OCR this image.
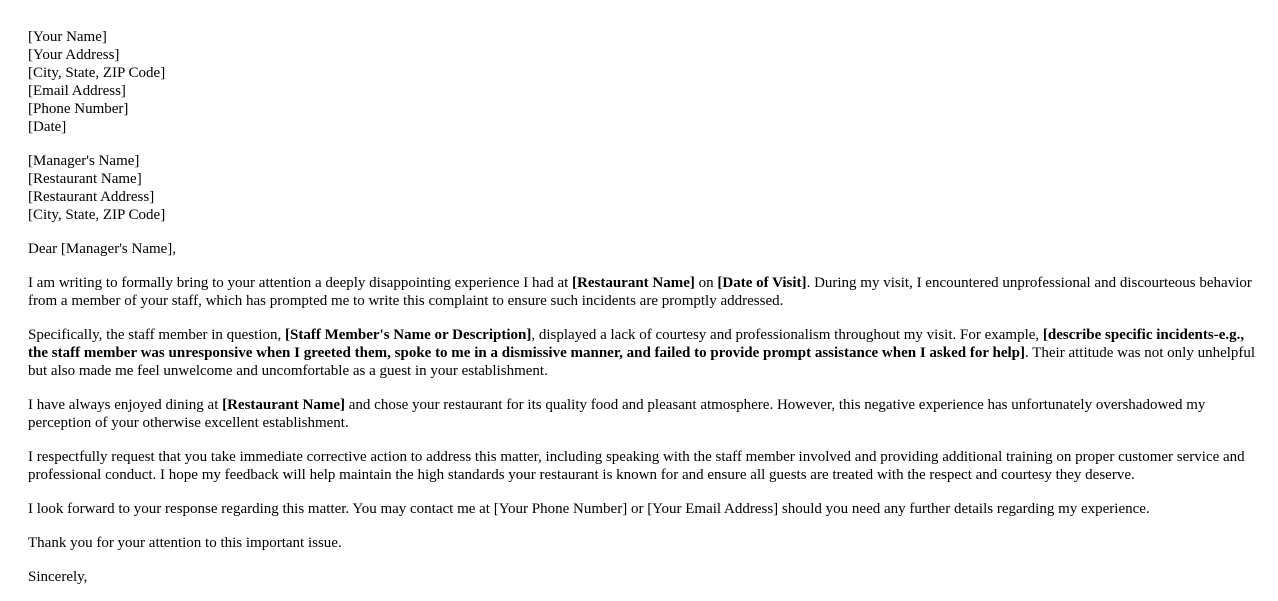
[Your Name]
[Your Address]
[City, State, ZIP Code]
[Email Address]
[Phone Number]
[Date]
[Manager's Name]
[Restaurant Name]
[Restaurant Address]
[City, State, ZIP Code]

Dear [Manager's Name],

I am writing to formally bring to your attention a deeply disappointing experience I had at [Restaurant Name] on [Date of Visit]. During my visit, I encountered unprofessional and discourteous behavior from a member of your staff, which has prompted me to write this complaint to ensure such incidents are promptly addressed.

Specifically, the staff member in question, [Staff Member's Name or Description], displayed a lack of courtesy and professionalism throughout my visit. For example, [describe specific incidents-e.g., the staff member was unresponsive when I greeted them, spoke to me in a dismissive manner, and failed to provide prompt assistance when I asked for help]. Their attitude was not only unhelpful but also made me feel unwelcome and uncomfortable as a guest in your establishment.

I have always enjoyed dining at [Restaurant Name] and chose your restaurant for its quality food and pleasant atmosphere. However, this negative experience has unfortunately overshadowed my perception of your otherwise excellent establishment.

I respectfully request that you take immediate corrective action to address this matter, including speaking with the staff member involved and providing additional training on proper customer service and professional conduct. I hope my feedback will help maintain the high standards your restaurant is known for and ensure all guests are treated with the respect and courtesy they deserve.

I look forward to your response regarding this matter. You may contact me at [Your Phone Number] or [Your Email Address] should you need any further details regarding my experience.

Thank you for your attention to this important issue.

Sincerely,
